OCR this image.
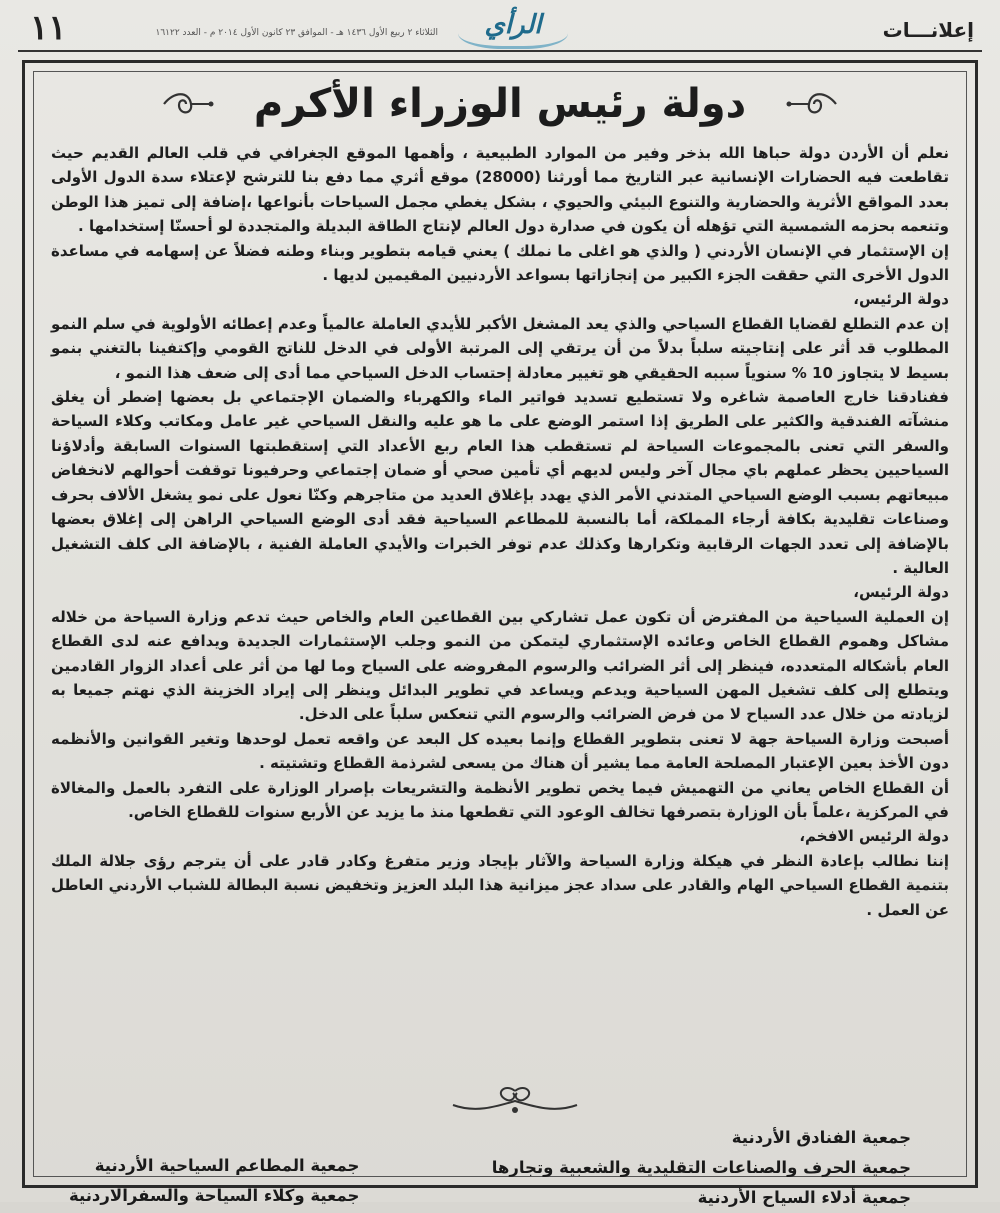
١١	الثلاثاء ٢ ربيع الأول ١٤٣٦ هـ - الموافق ٢٣ كانون الأول ٢٠١٤ م - العدد ١٦١٢٢	الرأي	إعلانـــات
دولة رئيس الوزراء الأكرم

نعلم أن الأردن دولة حباها الله بذخر وفير من الموارد الطبيعية ، وأهمها الموقع الجغرافي في قلب العالم القديم حيث تقاطعت فيه الحضارات الإنسانية عبر التاريخ مما أورثنا (28000) موقع أثري مما دفع بنا للترشح لإعتلاء سدة الدول الأولى بعدد المواقع الأثرية والحضارية والتنوع البيئي والحيوي ، بشكل يغطي مجمل السياحات بأنواعها ،إضافة إلى تميز هذا الوطن وتنعمه بحزمه الشمسية التي تؤهله أن يكون في صدارة دول العالم لإنتاج الطاقة البديلة والمتجددة لو أحسنّا إستخدامها .

إن الإستثمار في الإنسان الأردني ( والذي هو اغلى ما نملك ) يعني قيامه بتطوير وبناء وطنه فضلاً عن إسهامه في مساعدة الدول الأخرى التي حققت الجزء الكبير من إنجازاتها بسواعد الأردنيين المقيمين لديها .

دولة الرئيس،

إن عدم التطلع لقضايا القطاع السياحي والذي يعد المشغل الأكبر للأيدي العاملة عالمياً وعدم إعطائه الأولوية في سلم النمو المطلوب قد أثر على إنتاجيته سلباً بدلاً من أن يرتقي إلى المرتبة الأولى في الدخل للناتج القومي وإكتفينا بالتغني بنمو بسيط لا يتجاوز 10 % سنوياً سببه الحقيقي هو تغيير معادلة إحتساب الدخل السياحي مما أدى إلى ضعف هذا النمو ،

ففنادقنا خارج العاصمة شاغره ولا تستطيع تسديد فواتير الماء والكهرباء والضمان الإجتماعي بل بعضها إضطر أن يغلق منشآته الفندقية والكثير على الطريق إذا استمر الوضع على ما هو عليه والنقل السياحي غير عامل ومكاتب وكلاء السياحة والسفر التي تعنى بالمجموعات السياحة لم تستقطب هذا العام ربع الأعداد التي إستقطبتها السنوات السابقة وأدلاؤنا السياحيين يحظر عملهم باي مجال آخر وليس لديهم أي تأمين صحي أو ضمان إجتماعي وحرفيونا توقفت أحوالهم لانخفاض مبيعاتهم بسبب الوضع السياحي المتدني الأمر الذي يهدد بإغلاق العديد من متاجرهم وكنّا نعول على نمو يشغل الألاف بحرف وصناعات تقليدية بكافة أرجاء المملكة، أما بالنسبة للمطاعم السياحية فقد أدى الوضع السياحي الراهن إلى إغلاق بعضها بالإضافة إلى تعدد الجهات الرقابية وتكرارها وكذلك عدم توفر الخبرات والأيدي العاملة الفنية ، بالإضافة الى كلف التشغيل العالية .

دولة الرئيس،

إن العملية السياحية من المفترض أن تكون عمل تشاركي بين القطاعين العام والخاص حيث تدعم وزارة السياحة من خلاله مشاكل وهموم القطاع الخاص وعائده الإستثماري ليتمكن من النمو وجلب الإستثمارات الجديدة ويدافع عنه لدى القطاع العام بأشكاله المتعدده، فينظر إلى أثر الضرائب والرسوم المفروضه على السياح وما لها من أثر على أعداد الزوار القادمين ويتطلع إلى كلف تشغيل المهن السياحية ويدعم ويساعد في تطوير البدائل وينظر إلى إيراد الخزينة الذي نهتم جميعا به لزيادته من خلال عدد السياح لا من فرض الضرائب والرسوم التي تنعكس سلباً على الدخل.

أصبحت وزارة السياحة جهة لا تعنى بتطوير القطاع وإنما بعيده كل البعد عن واقعه تعمل لوحدها وتغير القوانين والأنظمه دون الأخذ بعين الإعتبار المصلحة العامة مما يشير أن هناك من يسعى لشرذمة القطاع وتشتيته .

أن القطاع الخاص يعاني من التهميش فيما يخص تطوير الأنظمة والتشريعات بإصرار الوزارة على التفرد بالعمل والمغالاة في المركزية ،علماً بأن الوزارة بتصرفها تخالف الوعود التي تقطعها منذ ما يزيد عن الأربع سنوات للقطاع الخاص.

دولة الرئيس الافخم،

إننا نطالب بإعادة النظر في هيكلة وزارة السياحة والآثار بإيجاد وزير متفرغ وكادر قادر على أن يترجم رؤى جلالة الملك بتنمية القطاع السياحي الهام والقادر على سداد عجز ميزانية هذا البلد العزيز وتخفيض نسبة البطالة للشباب الأردني العاطل عن العمل .

جمعية الفنادق الأردنية
جمعية الحرف والصناعات التقليدية والشعبية وتجارها
جمعية أدلاء السياح الأردنية
جمعية المطاعم السياحية الأردنية
جمعية وكلاء السياحة والسفرالاردنية
